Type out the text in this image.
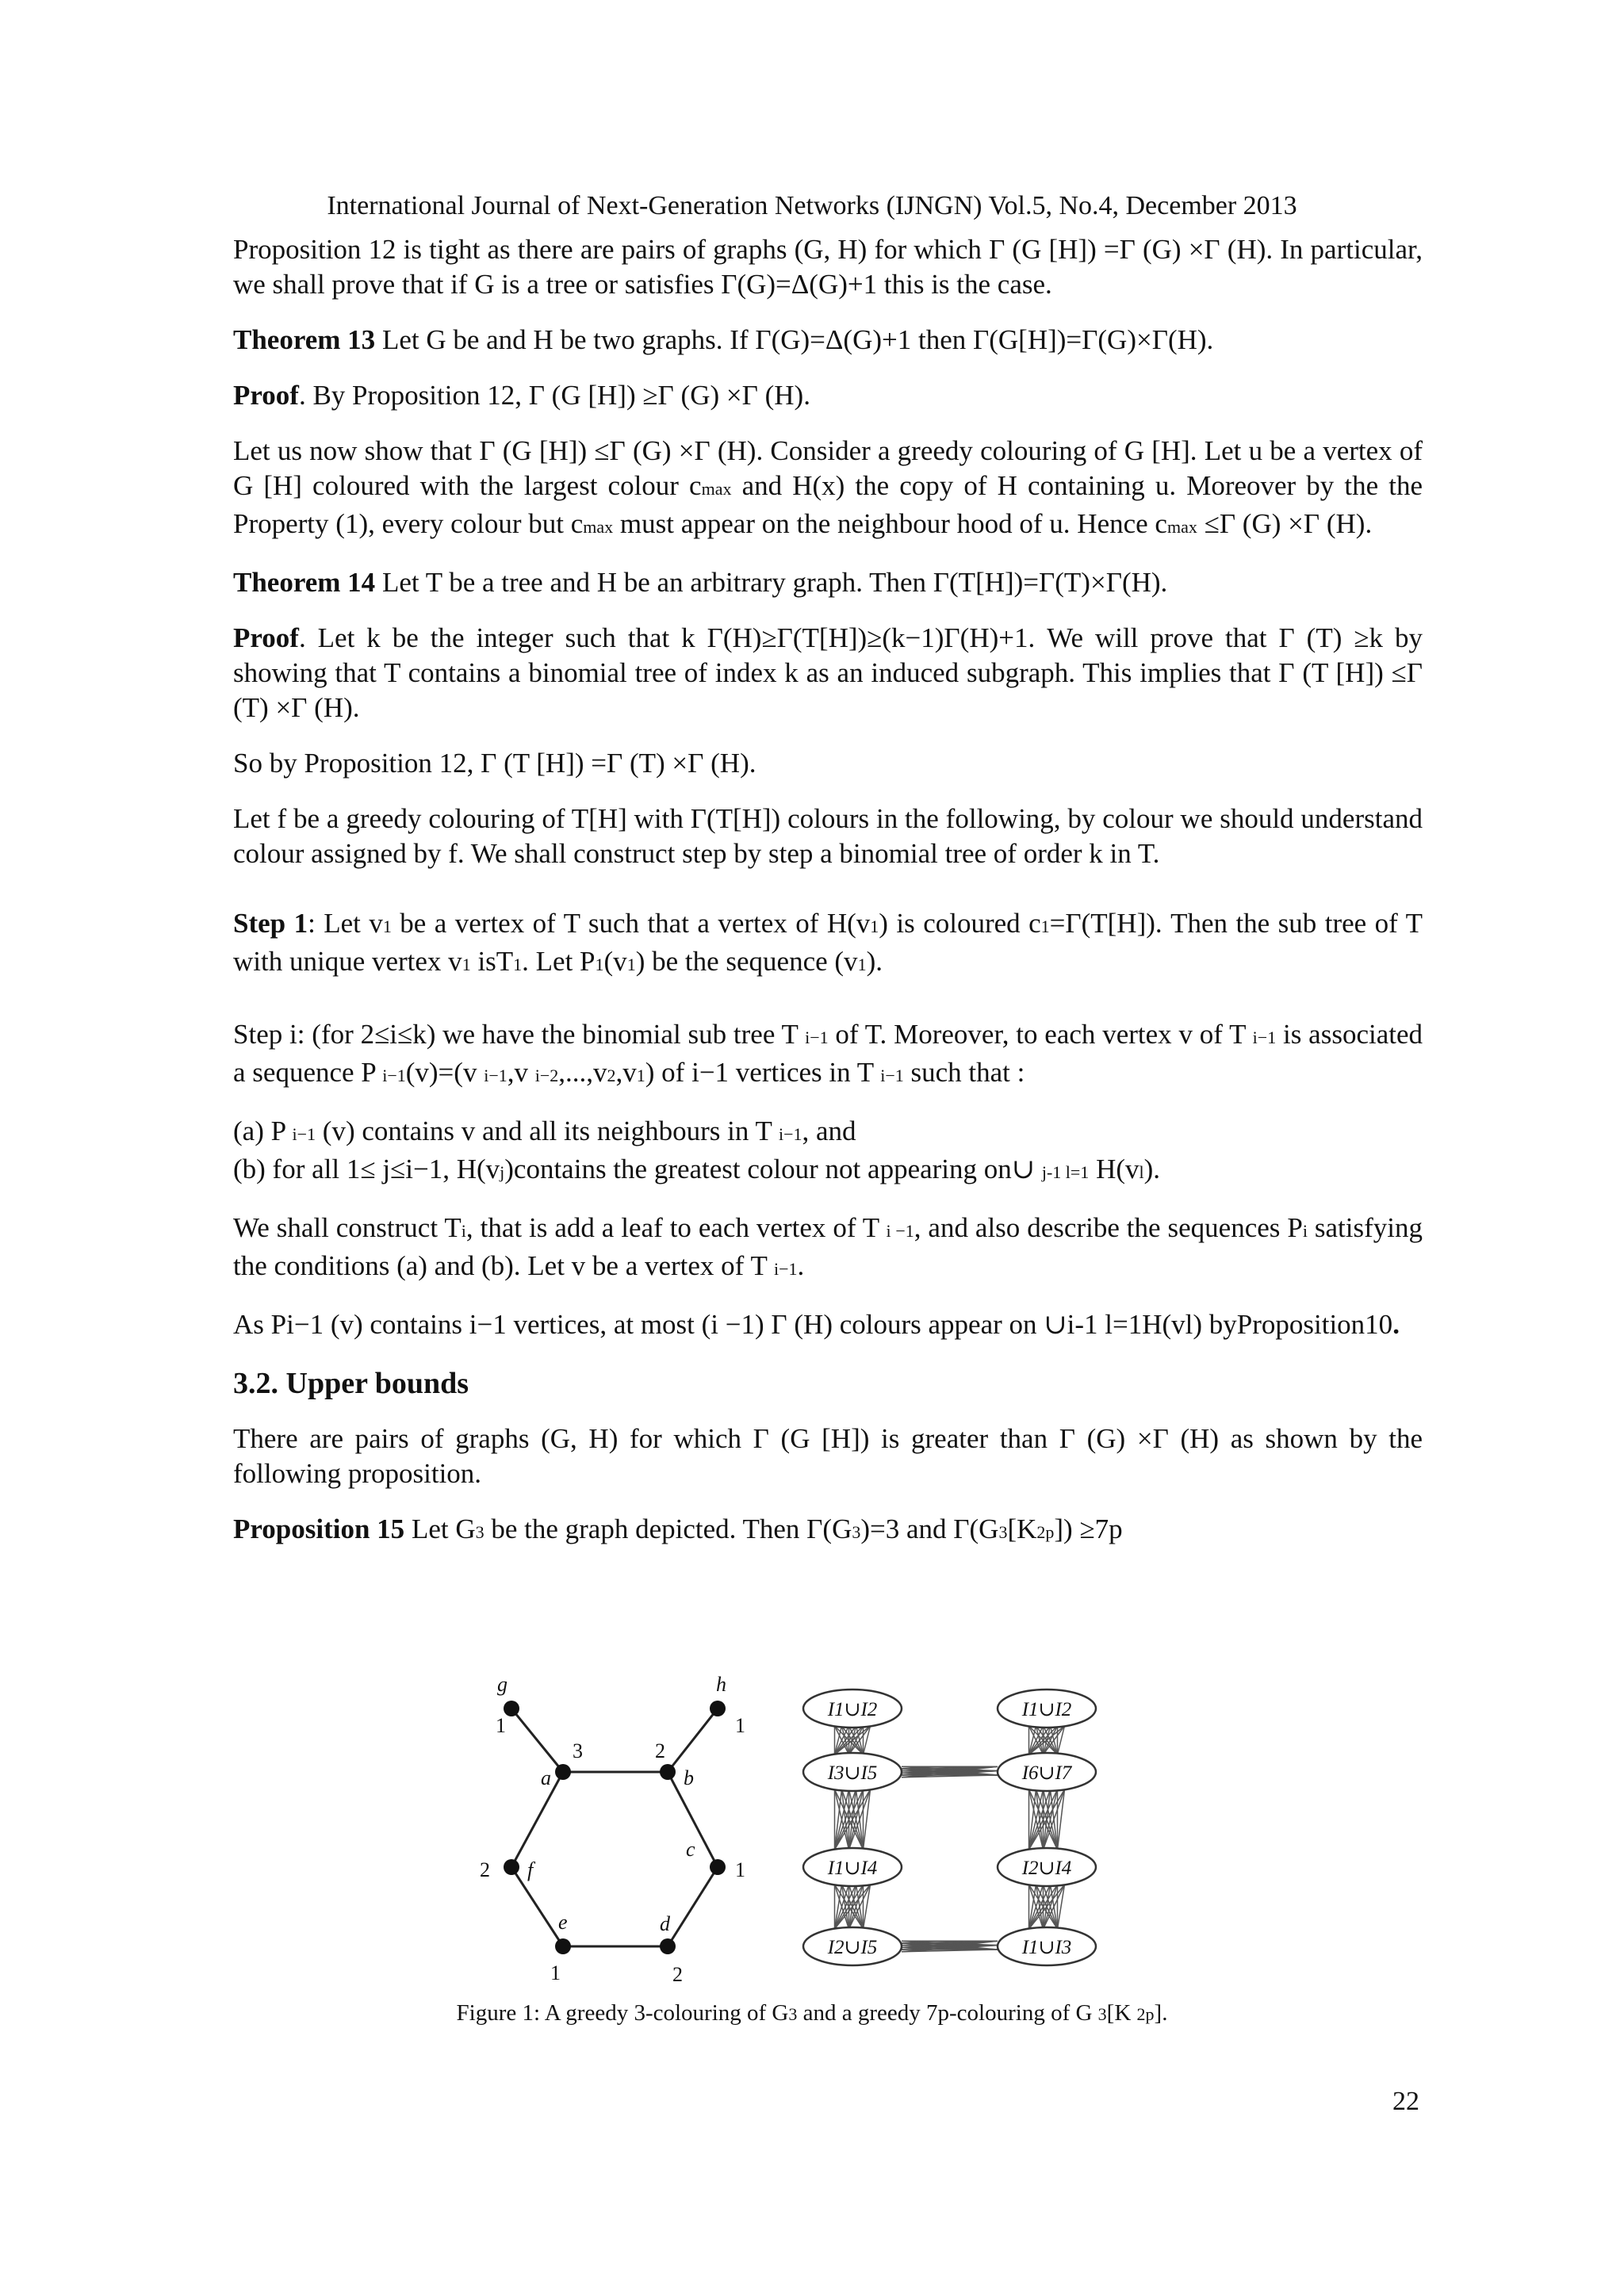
International Journal of Next-Generation Networks (IJNGN) Vol.5, No.4, December 2013

Proposition 12 is tight as there are pairs of graphs (G, H) for which Γ (G [H]) =Γ (G) ×Γ (H). In particular, we shall prove that if G is a tree or satisfies Γ(G)=Δ(G)+1 this is the case.

Theorem 13 Let G be and H be two graphs. If Γ(G)=Δ(G)+1 then Γ(G[H])=Γ(G)×Γ(H).

Proof. By Proposition 12, Γ (G [H]) ≥Γ (G) ×Γ (H).

Let us now show that Γ (G [H]) ≤Γ (G) ×Γ (H). Consider a greedy colouring of G [H]. Let u be a vertex of G [H] coloured with the largest colour cmax and H(x) the copy of H containing u. Moreover by the the Property (1), every colour but cmax must appear on the neighbour hood of u. Hence cmax ≤Γ (G) ×Γ (H).

Theorem 14 Let T be a tree and H be an arbitrary graph. Then Γ(T[H])=Γ(T)×Γ(H).

Proof. Let k be the integer such that k Γ(H)≥Γ(T[H])≥(k−1)Γ(H)+1. We will prove that Γ (T) ≥k by showing that T contains a binomial tree of index k as an induced subgraph. This implies that Γ (T [H]) ≤Γ (T) ×Γ (H).

So by Proposition 12, Γ (T [H]) =Γ (T) ×Γ (H).

Let f be a greedy colouring of T[H] with Γ(T[H]) colours in the following, by colour we should understand colour assigned by f. We shall construct step by step a binomial tree of order k in T.

Step 1: Let v1 be a vertex of T such that a vertex of H(v1) is coloured c1=Γ(T[H]). Then the sub tree of T with unique vertex v1 isT1. Let P1(v1) be the sequence (v1).

Step i: (for 2≤i≤k) we have the binomial sub tree T i−1 of T. Moreover, to each vertex v of T i−1 is associated a sequence P i−1(v)=(v i−1,v i−2,...,v2,v1) of i−1 vertices in T i−1 such that :

(a) P i−1 (v) contains v and all its neighbours in T i−1, and

(b) for all 1≤ j≤i−1, H(vj)contains the greatest colour not appearing on∪ j-1 l=1 H(vl).

We shall construct Ti, that is add a leaf to each vertex of T i −1, and also describe the sequences Pi satisfying the conditions (a) and (b). Let v be a vertex of T i−1.

As Pi−1 (v) contains i−1 vertices, at most (i −1) Γ (H) colours appear on ∪i-1 l=1H(vl) byProposition10.

3.2. Upper bounds

There are pairs of graphs (G, H) for which Γ (G [H]) is greater than Γ (G) ×Γ (H) as shown by the following proposition.

Proposition 15 Let G3 be the graph depicted. Then Γ(G3)=3 and Γ(G3[K2p]) ≥7p

g
1
h
1
a
3
b
2
f
2
c
1
e
1
d
2
I1∪I2	I1∪I2
I3∪I5	I6∪I7
I1∪I4	I2∪I4
I2∪I5	I1∪I3
Figure 1: A greedy 3-colouring of G3 and a greedy 7p-colouring of G 3[K 2p].
22
